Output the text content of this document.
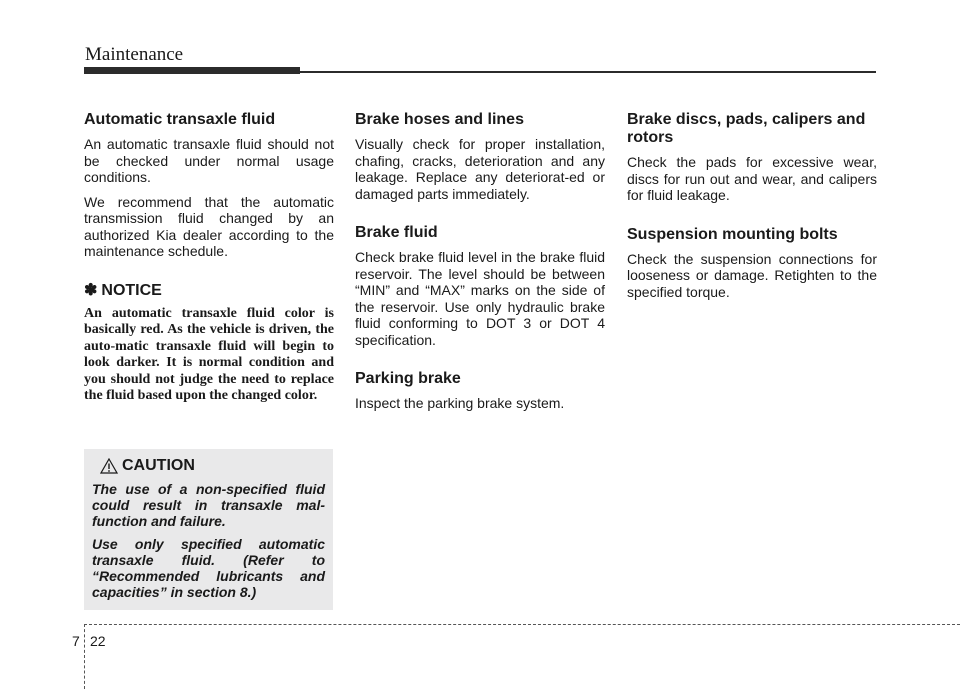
Maintenance
Automatic transaxle fluid

An automatic transaxle fluid should not be checked under normal usage conditions.

We recommend that the automatic transmission fluid changed by an authorized Kia dealer according to the maintenance schedule.

✽ NOTICE

An automatic transaxle fluid color is basically red. As the vehicle is driven, the auto-matic transaxle fluid will begin to look darker. It is normal condition and you should not judge the need to replace the fluid based upon the changed color.

CAUTION

The use of a non-specified fluid could result in transaxle mal-function and failure.

Use only specified automatic transaxle fluid. (Refer to “Recommended lubricants and capacities” in section 8.)

Brake hoses and lines

Visually check for proper installation, chafing, cracks, deterioration and any leakage. Replace any deteriorat-ed or damaged parts immediately.

Brake fluid

Check brake fluid level in the brake fluid reservoir. The level should be between “MIN” and “MAX” marks on the side of the reservoir. Use only hydraulic brake fluid conforming to DOT 3 or DOT 4 specification.

Parking brake

Inspect the parking brake system.

Brake discs, pads, calipers and rotors

Check the pads for excessive wear, discs for run out and wear, and calipers for fluid leakage.

Suspension mounting bolts

Check the suspension connections for looseness or damage. Retighten to the specified torque.

7 22
